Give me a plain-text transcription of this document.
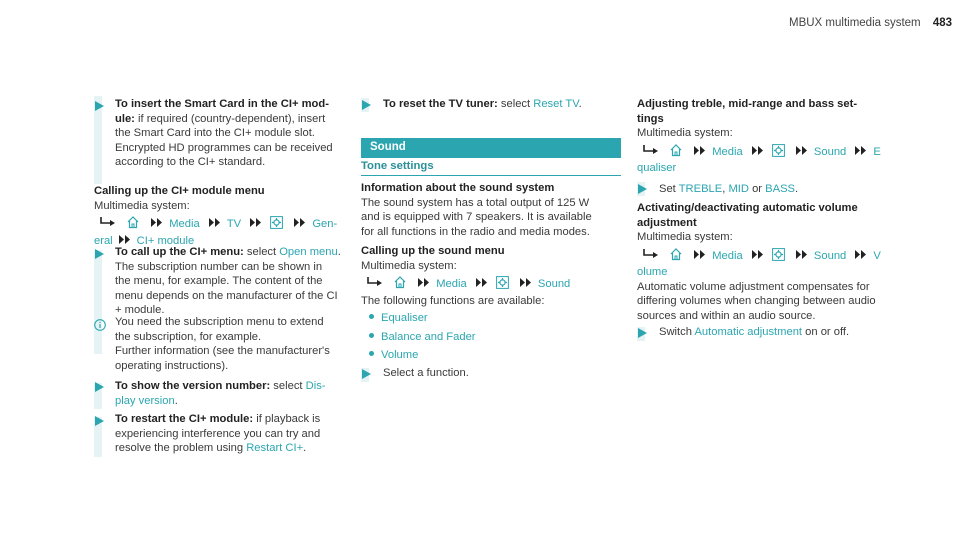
MBUX multimedia system 483
To insert the Smart Card in the CI+ mod-
ule: if required (country-dependent), insert
the Smart Card into the CI+ module slot.
Encrypted HD programmes can be received
according to the CI+ standard.
Calling up the CI+ module menu
Multimedia system:
Media TV	Gen-
eral CI+ module
To call up the CI+ menu: select Open menu.
The subscription number can be shown in
the menu, for example. The content of the
menu depends on the manufacturer of the CI
+ module.
You need the subscription menu to extend
the subscription, for example.
Further information (see the manufacturer's
operating instructions).
To show the version number: select Dis-
play version.
To restart the CI+ module: if playback is
experiencing interference you can try and
resolve the problem using Restart CI+.
To reset the TV tuner: select Reset TV.
Sound
Tone settings
Information about the sound system
The sound system has a total output of 125 W
and is equipped with 7 speakers. It is available
for all functions in the radio and media modes.
Calling up the sound menu
Multimedia system:
Media	Sound
The following functions are available:
Equaliser
Balance and Fader
Volume
Select a function.
Adjusting treble, mid-range and bass set-
tings
Multimedia system:
Media	Sound E
qualiser
Set TREBLE, MID or BASS.
Activating/deactivating automatic volume
adjustment
Multimedia system:
Media	Sound V
olume
Automatic volume adjustment compensates for
differing volumes when changing between audio
sources and within an audio source.
Switch Automatic adjustment on or off.
